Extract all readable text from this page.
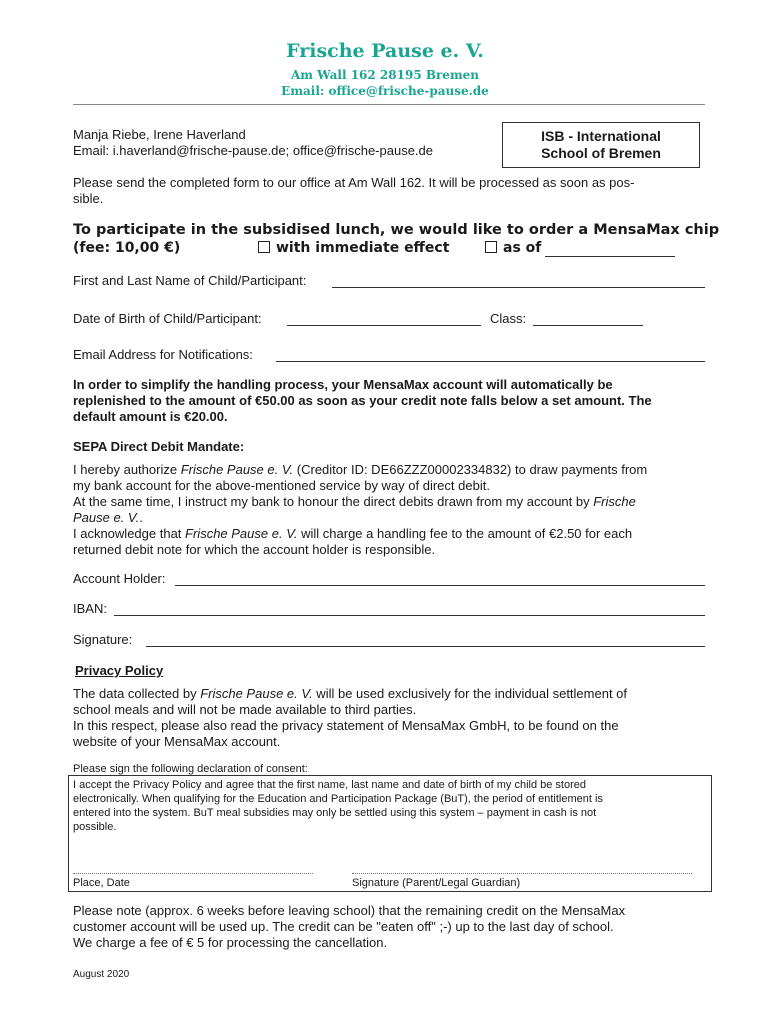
Frische Pause e. V.
Am Wall 162 28195 Bremen
Email: office@frische-pause.de
Manja Riebe, Irene Haverland
Email: i.haverland@frische-pause.de; office@frische-pause.de
ISB - International
School of Bremen
Please send the completed form to our office at Am Wall 162. It will be processed as soon as pos-
sible.
To participate in the subsidised lunch, we would like to order a MensaMax chip
(fee: 10,00 €)	with immediate effect	as of
First and Last Name of Child/Participant:
Date of Birth of Child/Participant:	Class:
Email Address for Notifications:
In order to simplify the handling process, your MensaMax account will automatically be
replenished to the amount of €50.00 as soon as your credit note falls below a set amount. The
default amount is €20.00.
SEPA Direct Debit Mandate:
I hereby authorize Frische Pause e. V. (Creditor ID: DE66ZZZ00002334832) to draw payments from
my bank account for the above-mentioned service by way of direct debit.
At the same time, I instruct my bank to honour the direct debits drawn from my account by Frische
Pause e. V..
I acknowledge that Frische Pause e. V. will charge a handling fee to the amount of €2.50 for each
returned debit note for which the account holder is responsible.
Account Holder:
IBAN:
Signature:
Privacy Policy
The data collected by Frische Pause e. V. will be used exclusively for the individual settlement of
school meals and will not be made available to third parties.
In this respect, please also read the privacy statement of MensaMax GmbH, to be found on the
website of your MensaMax account.
Please sign the following declaration of consent:
I accept the Privacy Policy and agree that the first name, last name and date of birth of my child be stored
electronically. When qualifying for the Education and Participation Package (BuT), the period of entitlement is
entered into the system. BuT meal subsidies may only be settled using this system – payment in cash is not
possible.
Place, Date	Signature (Parent/Legal Guardian)
Please note (approx. 6 weeks before leaving school) that the remaining credit on the MensaMax
customer account will be used up. The credit can be "eaten off" ;-) up to the last day of school.
We charge a fee of € 5 for processing the cancellation.
August 2020
